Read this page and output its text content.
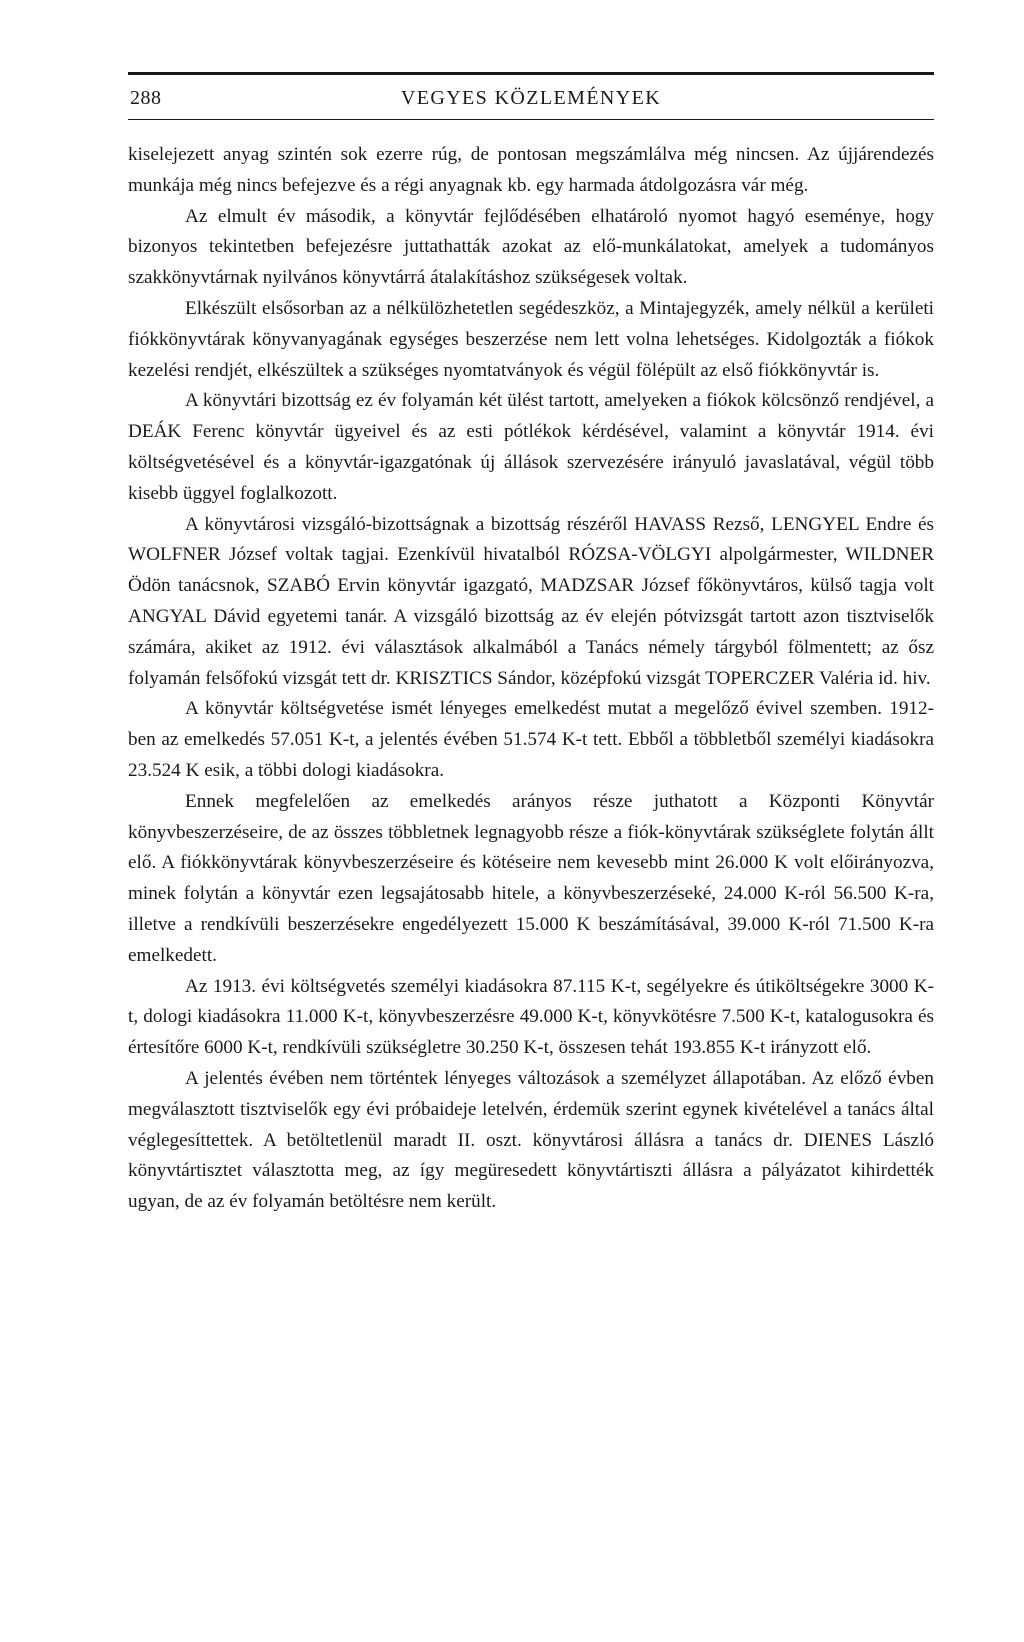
288	VEGYES KÖZLEMÉNYEK

kiselejezett anyag szintén sok ezerre rúg, de pontosan megszámlálva még nincsen. Az újjárendezés munkája még nincs befejezve és a régi anyagnak kb. egy harmada átdolgozásra vár még.

Az elmult év második, a könyvtár fejlődésében elhatároló nyomot hagyó eseménye, hogy bizonyos tekintetben befejezésre juttathatták azokat az elő-munkálatokat, amelyek a tudományos szakkönyvtárnak nyilvános könyvtárrá átalakításhoz szükségesek voltak.

Elkészült elsősorban az a nélkülözhetetlen segédeszköz, a Mintajegyzék, amely nélkül a kerületi fiókkönyvtárak könyvanyagának egységes beszerzése nem lett volna lehetséges. Kidolgozták a fiókok kezelési rendjét, elkészültek a szükséges nyomtatványok és végül fölépült az első fiókkönyvtár is.

A könyvtári bizottság ez év folyamán két ülést tartott, amelyeken a fiókok kölcsönző rendjével, a DEÁK Ferenc könyvtár ügyeivel és az esti pótlékok kérdésével, valamint a könyvtár 1914. évi költségvetésével és a könyvtár-igazgatónak új állások szervezésére irányuló javaslatával, végül több kisebb üggyel foglalkozott.

A könyvtárosi vizsgáló-bizottságnak a bizottság részéről HAVASS Rezső, LENGYEL Endre és WOLFNER József voltak tagjai. Ezenkívül hivatalból RÓZSA-VÖLGYI alpolgármester, WILDNER Ödön tanácsnok, SZABÓ Ervin könyvtár igazgató, MADZSAR József főkönyvtáros, külső tagja volt ANGYAL Dávid egyetemi tanár. A vizsgáló bizottság az év elején pótvizsgát tartott azon tisztviselők számára, akiket az 1912. évi választások alkalmából a Tanács némely tárgyból fölmentett; az ősz folyamán felsőfokú vizsgát tett dr. KRISZTICS Sándor, középfokú vizsgát TOPERCZER Valéria id. hiv.

A könyvtár költségvetése ismét lényeges emelkedést mutat a megelőző évivel szemben. 1912-ben az emelkedés 57.051 K-t, a jelentés évében 51.574 K-t tett. Ebből a többletből személyi kiadásokra 23.524 K esik, a többi dologi kiadásokra.

Ennek megfelelően az emelkedés arányos része juthatott a Központi Könyvtár könyvbeszerzéseire, de az összes többletnek legnagyobb része a fiók-könyvtárak szükséglete folytán állt elő. A fiókkönyvtárak könyvbeszerzéseire és kötéseire nem kevesebb mint 26.000 K volt előirányozva, minek folytán a könyvtár ezen legsajátosabb hitele, a könyvbeszerzéseké, 24.000 K-ról 56.500 K-ra, illetve a rendkívüli beszerzésekre engedélyezett 15.000 K beszámításával, 39.000 K-ról 71.500 K-ra emelkedett.

Az 1913. évi költségvetés személyi kiadásokra 87.115 K-t, segélyekre és útiköltségekre 3000 K-t, dologi kiadásokra 11.000 K-t, könyvbeszerzésre 49.000 K-t, könyvkötésre 7.500 K-t, katalogusokra és értesítőre 6000 K-t, rendkívüli szükségletre 30.250 K-t, összesen tehát 193.855 K-t irányzott elő.

A jelentés évében nem történtek lényeges változások a személyzet állapotában. Az előző évben megválasztott tisztviselők egy évi próbaideje letelvén, érdemük szerint egynek kivételével a tanács által véglegesíttettek. A betöltetlenül maradt II. oszt. könyvtárosi állásra a tanács dr. DIENES László könyvtártisztet választotta meg, az így megüresedett könyvtártiszti állásra a pályázatot kihirdették ugyan, de az év folyamán betöltésre nem került.
